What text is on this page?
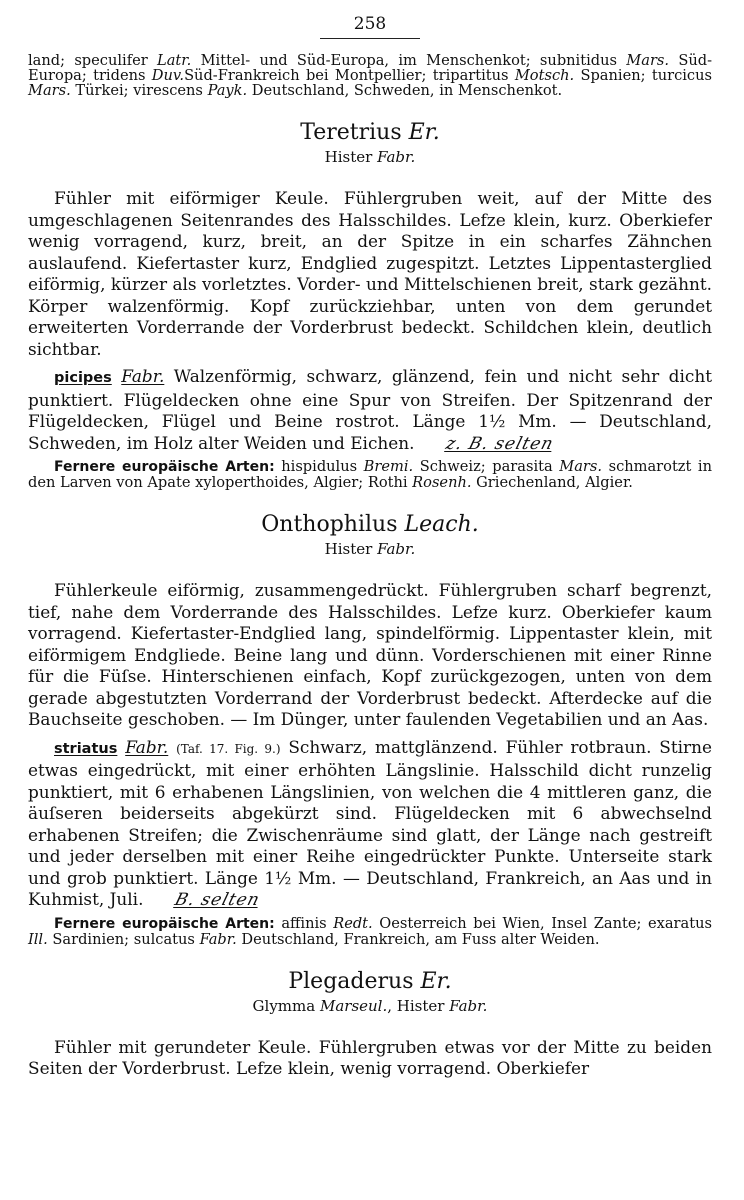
258
land; speculifer Latr. Mittel- und Süd-Europa, im Menschenkot; subnitidus Mars. Süd-Europa; tridens Duv.Süd-Frankreich bei Montpellier; tripartitus Motsch. Spanien; turcicus Mars. Türkei; virescens Payk. Deutschland, Schweden, in Menschenkot.
Teretrius Er.
Hister Fabr.

Fühler mit eiförmiger Keule. Fühlergruben weit, auf der Mitte des umgeschlagenen Seitenrandes des Halsschildes. Lefze klein, kurz. Oberkiefer wenig vorragend, kurz, breit, an der Spitze in ein scharfes Zähnchen auslaufend. Kiefertaster kurz, Endglied zugespitzt. Letztes Lippentasterglied eiförmig, kürzer als vorletztes. Vorder- und Mittelschienen breit, stark gezähnt. Körper walzenförmig. Kopf zurückziehbar, unten von dem gerundet erweiterten Vorderrande der Vorderbrust bedeckt. Schildchen klein, deutlich sichtbar.

picipes Fabr. Walzenförmig, schwarz, glänzend, fein und nicht sehr dicht punktiert. Flügeldecken ohne eine Spur von Streifen. Der Spitzenrand der Flügeldecken, Flügel und Beine rostrot. Länge 1½ Mm. — Deutschland, Schweden, im Holz alter Weiden und Eichen. z. B. selten

Fernere europäische Arten: hispidulus Bremi. Schweiz; parasita Mars. schmarotzt in den Larven von Apate xyloperthoides, Algier; Rothi Rosenh. Griechenland, Algier.
Onthophilus Leach.
Hister Fabr.

Fühlerkeule eiförmig, zusammengedrückt. Fühlergruben scharf begrenzt, tief, nahe dem Vorderrande des Halsschildes. Lefze kurz. Oberkiefer kaum vorragend. Kiefertaster-Endglied lang, spindelförmig. Lippentaster klein, mit eiförmigem Endgliede. Beine lang und dünn. Vorderschienen mit einer Rinne für die Füſse. Hinterschienen einfach, Kopf zurückgezogen, unten von dem gerade abgestutzten Vorderrand der Vorderbrust bedeckt. Afterdecke auf die Bauchseite geschoben. — Im Dünger, unter faulenden Vegetabilien und an Aas.

striatus Fabr. (Taf. 17. Fig. 9.) Schwarz, mattglänzend. Fühler rotbraun. Stirne etwas eingedrückt, mit einer erhöhten Längslinie. Halsschild dicht runzelig punktiert, mit 6 erhabenen Längslinien, von welchen die 4 mittleren ganz, die äuſseren beiderseits abgekürzt sind. Flügeldecken mit 6 abwechselnd erhabenen Streifen; die Zwischenräume sind glatt, der Länge nach gestreift und jeder derselben mit einer Reihe eingedrückter Punkte. Unterseite stark und grob punktiert. Länge 1½ Mm. — Deutschland, Frankreich, an Aas und in Kuhmist, Juli. B. selten

Fernere europäische Arten: affinis Redt. Oesterreich bei Wien, Insel Zante; exaratus Ill. Sardinien; sulcatus Fabr. Deutschland, Frankreich, am Fuss alter Weiden.
Plegaderus Er.
Glymma Marseul., Hister Fabr.

Fühler mit gerundeter Keule. Fühlergruben etwas vor der Mitte zu beiden Seiten der Vorderbrust. Lefze klein, wenig vorragend. Oberkiefer
